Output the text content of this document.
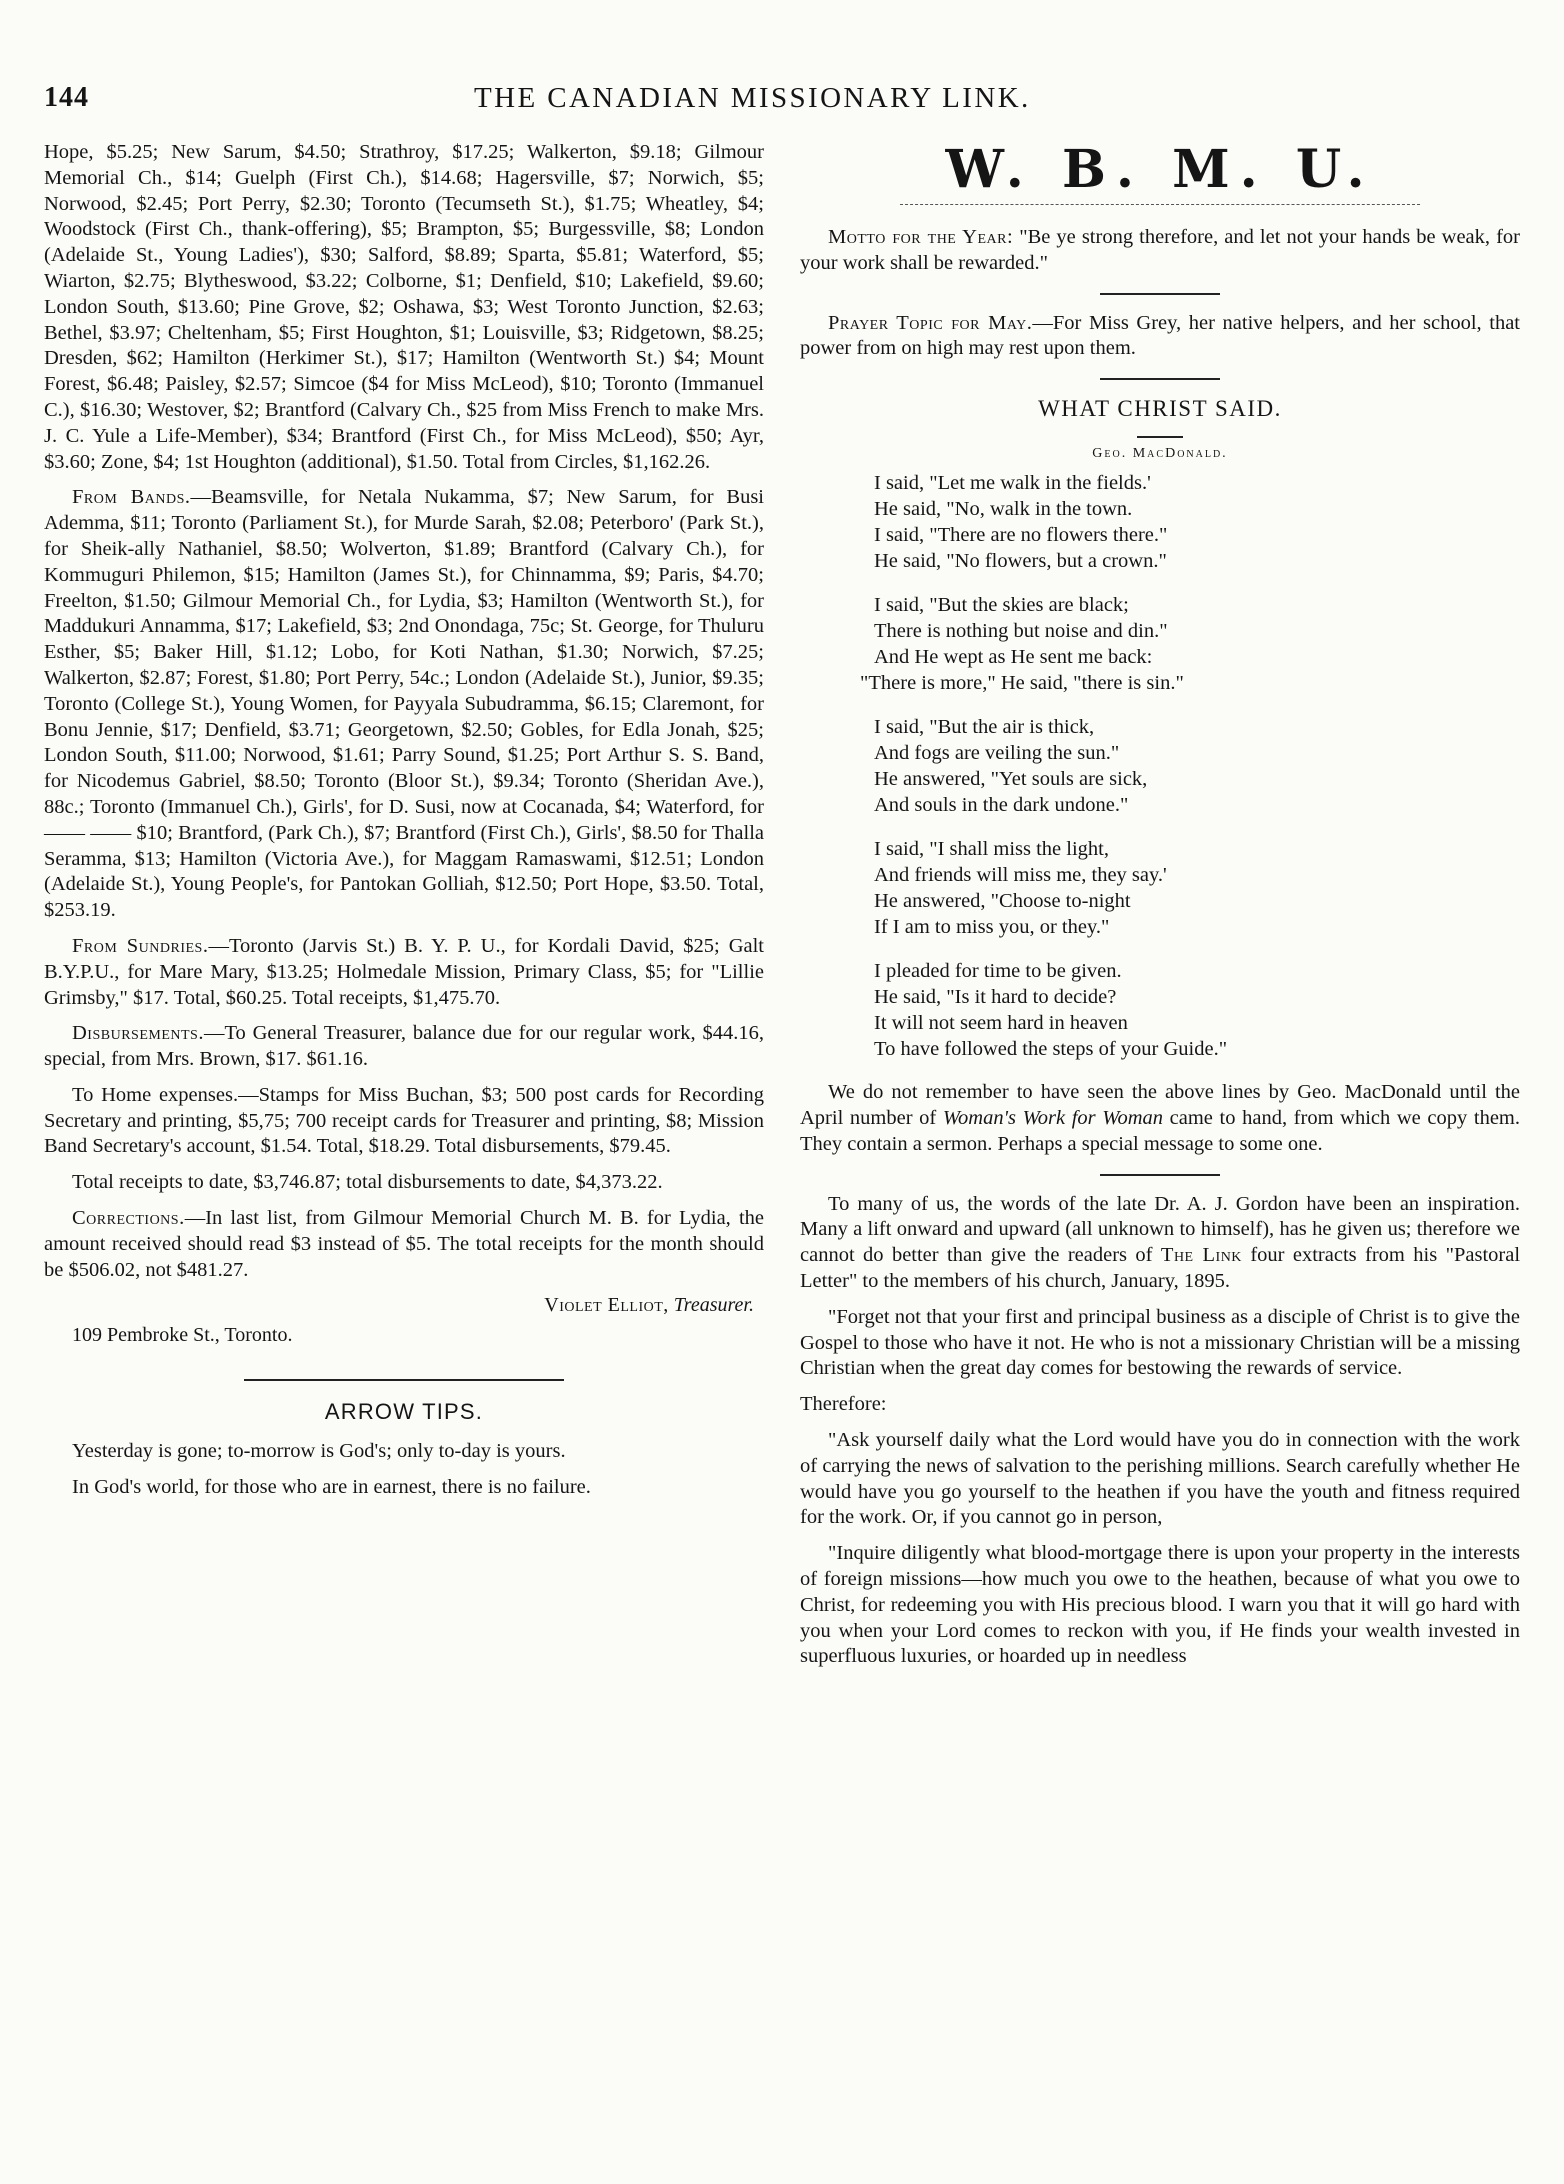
144	THE CANADIAN MISSIONARY LINK.

Hope, $5.25; New Sarum, $4.50; Strathroy, $17.25; Walkerton, $9.18; Gilmour Memorial Ch., $14; Guelph (First Ch.), $14.68; Hagersville, $7; Norwich, $5; Norwood, $2.45; Port Perry, $2.30; Toronto (Tecumseth St.), $1.75; Wheatley, $4; Woodstock (First Ch., thank-offering), $5; Brampton, $5; Burgessville, $8; London (Adelaide St., Young Ladies'), $30; Salford, $8.89; Sparta, $5.81; Waterford, $5; Wiarton, $2.75; Blytheswood, $3.22; Colborne, $1; Denfield, $10; Lakefield, $9.60; London South, $13.60; Pine Grove, $2; Oshawa, $3; West Toronto Junction, $2.63; Bethel, $3.97; Cheltenham, $5; First Houghton, $1; Louisville, $3; Ridgetown, $8.25; Dresden, $62; Hamilton (Herkimer St.), $17; Hamilton (Wentworth St.) $4; Mount Forest, $6.48; Paisley, $2.57; Simcoe ($4 for Miss McLeod), $10; Toronto (Immanuel C.), $16.30; Westover, $2; Brantford (Calvary Ch., $25 from Miss French to make Mrs. J. C. Yule a Life-Member), $34; Brantford (First Ch., for Miss McLeod), $50; Ayr, $3.60; Zone, $4; 1st Houghton (additional), $1.50. Total from Circles, $1,162.26.

From Bands.—Beamsville, for Netala Nukamma, $7; New Sarum, for Busi Ademma, $11; Toronto (Parliament St.), for Murde Sarah, $2.08; Peterboro' (Park St.), for Sheik-ally Nathaniel, $8.50; Wolverton, $1.89; Brantford (Calvary Ch.), for Kommuguri Philemon, $15; Hamilton (James St.), for Chinnamma, $9; Paris, $4.70; Freelton, $1.50; Gilmour Memorial Ch., for Lydia, $3; Hamilton (Wentworth St.), for Maddukuri Annamma, $17; Lakefield, $3; 2nd Onondaga, 75c; St. George, for Thuluru Esther, $5; Baker Hill, $1.12; Lobo, for Koti Nathan, $1.30; Norwich, $7.25; Walkerton, $2.87; Forest, $1.80; Port Perry, 54c.; London (Adelaide St.), Junior, $9.35; Toronto (College St.), Young Women, for Payyala Subudramma, $6.15; Claremont, for Bonu Jennie, $17; Denfield, $3.71; Georgetown, $2.50; Gobles, for Edla Jonah, $25; London South, $11.00; Norwood, $1.61; Parry Sound, $1.25; Port Arthur S. S. Band, for Nicodemus Gabriel, $8.50; Toronto (Bloor St.), $9.34; Toronto (Sheridan Ave.), 88c.; Toronto (Immanuel Ch.), Girls', for D. Susi, now at Cocanada, $4; Waterford, for —— —— $10; Brantford, (Park Ch.), $7; Brantford (First Ch.), Girls', $8.50 for Thalla Seramma, $13; Hamilton (Victoria Ave.), for Maggam Ramaswami, $12.51; London (Adelaide St.), Young People's, for Pantokan Golliah, $12.50; Port Hope, $3.50. Total, $253.19.

From Sundries.—Toronto (Jarvis St.) B. Y. P. U., for Kordali David, $25; Galt B.Y.P.U., for Mare Mary, $13.25; Holmedale Mission, Primary Class, $5; for "Lillie Grimsby," $17. Total, $60.25. Total receipts, $1,475.70.

Disbursements.—To General Treasurer, balance due for our regular work, $44.16, special, from Mrs. Brown, $17. $61.16.

To Home expenses.—Stamps for Miss Buchan, $3; 500 post cards for Recording Secretary and printing, $5,75; 700 receipt cards for Treasurer and printing, $8; Mission Band Secretary's account, $1.54. Total, $18.29. Total disbursements, $79.45.

Total receipts to date, $3,746.87; total disbursements to date, $4,373.22.

Corrections.—In last list, from Gilmour Memorial Church M. B. for Lydia, the amount received should read $3 instead of $5. The total receipts for the month should be $506.02, not $481.27.

Violet Elliot, Treasurer.

109 Pembroke St., Toronto.

ARROW TIPS.

Yesterday is gone; to-morrow is God's; only to-day is yours.

In God's world, for those who are in earnest, there is no failure.

W. B. M. U.

Motto for the Year: "Be ye strong therefore, and let not your hands be weak, for your work shall be rewarded."

Prayer Topic for May.—For Miss Grey, her native helpers, and her school, that power from on high may rest upon them.

WHAT CHRIST SAID.
Geo. MacDonald.
I said, "Let me walk in the fields.'
He said, "No, walk in the town.
I said, "There are no flowers there."
He said, "No flowers, but a crown."
I said, "But the skies are black;
There is nothing but noise and din."
And He wept as He sent me back:
"There is more," He said, "there is sin."
I said, "But the air is thick,
And fogs are veiling the sun."
He answered, "Yet souls are sick,
And souls in the dark undone."
I said, "I shall miss the light,
And friends will miss me, they say.'
He answered, "Choose to-night
If I am to miss you, or they."
I pleaded for time to be given.
He said, "Is it hard to decide?
It will not seem hard in heaven
To have followed the steps of your Guide."

We do not remember to have seen the above lines by Geo. MacDonald until the April number of Woman's Work for Woman came to hand, from which we copy them. They contain a sermon. Perhaps a special message to some one.

To many of us, the words of the late Dr. A. J. Gordon have been an inspiration. Many a lift onward and upward (all unknown to himself), has he given us; therefore we cannot do better than give the readers of The Link four extracts from his "Pastoral Letter" to the members of his church, January, 1895.

"Forget not that your first and principal business as a disciple of Christ is to give the Gospel to those who have it not. He who is not a missionary Christian will be a missing Christian when the great day comes for bestowing the rewards of service.

Therefore:

"Ask yourself daily what the Lord would have you do in connection with the work of carrying the news of salvation to the perishing millions. Search carefully whether He would have you go yourself to the heathen if you have the youth and fitness required for the work. Or, if you cannot go in person,

"Inquire diligently what blood-mortgage there is upon your property in the interests of foreign missions—how much you owe to the heathen, because of what you owe to Christ, for redeeming you with His precious blood. I warn you that it will go hard with you when your Lord comes to reckon with you, if He finds your wealth invested in superfluous luxuries, or hoarded up in needless
